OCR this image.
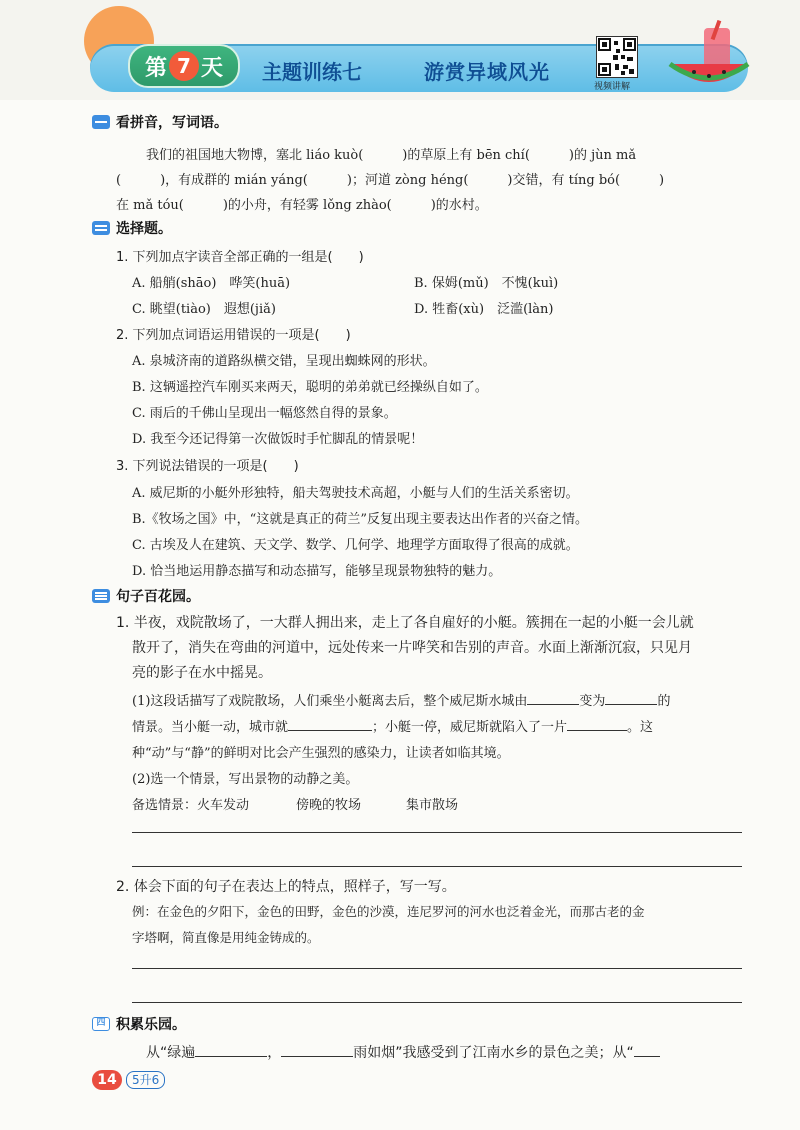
第 7 天 主题训练七	游赏异域风光
视频讲解
看拼音，写词语。
我们的祖国地大物博，塞北 liáo kuò(　　　)的草原上有 bēn chí(　　　)的 jùn mǎ
(　　　)，有成群的 mián yáng(　　　)；河道 zòng héng(　　　)交错，有 tíng bó(　　　)
在 mǎ tóu(　　　)的小舟，有轻雾 lǒng zhào(　　　)的水村。
选择题。
1. 下列加点字读音全部正确的一组是(　　)
A. 船艄(shāo)　哗笑(huā)	B. 保姆(mǔ)　不愧(kuì)
C. 眺望(tiào)　遐想(jiǎ)	D. 牲畜(xù)　泛滥(làn)
2. 下列加点词语运用错误的一项是(　　)
A. 泉城济南的道路纵横交错，呈现出蜘蛛网的形状。
B. 这辆遥控汽车刚买来两天，聪明的弟弟就已经操纵自如了。
C. 雨后的千佛山呈现出一幅悠然自得的景象。
D. 我至今还记得第一次做饭时手忙脚乱的情景呢！
3. 下列说法错误的一项是(　　)
A. 威尼斯的小艇外形独特，船夫驾驶技术高超，小艇与人们的生活关系密切。
B.《牧场之国》中，“这就是真正的荷兰”反复出现主要表达出作者的兴奋之情。
C. 古埃及人在建筑、天文学、数学、几何学、地理学方面取得了很高的成就。
D. 恰当地运用静态描写和动态描写，能够呈现景物独特的魅力。
句子百花园。
1. 半夜，戏院散场了，一大群人拥出来，走上了各自雇好的小艇。簇拥在一起的小艇一会儿就
散开了，消失在弯曲的河道中，远处传来一片哗笑和告别的声音。水面上渐渐沉寂，只见月
亮的影子在水中摇晃。
(1)这段话描写了戏院散场，人们乘坐小艇离去后，整个威尼斯水城由	变为	的
情景。当小艇一动，城市就	；小艇一停，威尼斯就陷入了一片	。这
种“动”与“静”的鲜明对比会产生强烈的感染力，让读者如临其境。
(2)选一个情景，写出景物的动静之美。
备选情景：火车发动	傍晚的牧场	集市散场
2. 体会下面的句子在表达上的特点，照样子，写一写。
例：在金色的夕阳下，金色的田野，金色的沙漠，连尼罗河的河水也泛着金光，而那古老的金
字塔啊，简直像是用纯金铸成的。
四 积累乐园。
从“绿遍	，	雨如烟”我感受到了江南水乡的景色之美；从“
14	5升6
